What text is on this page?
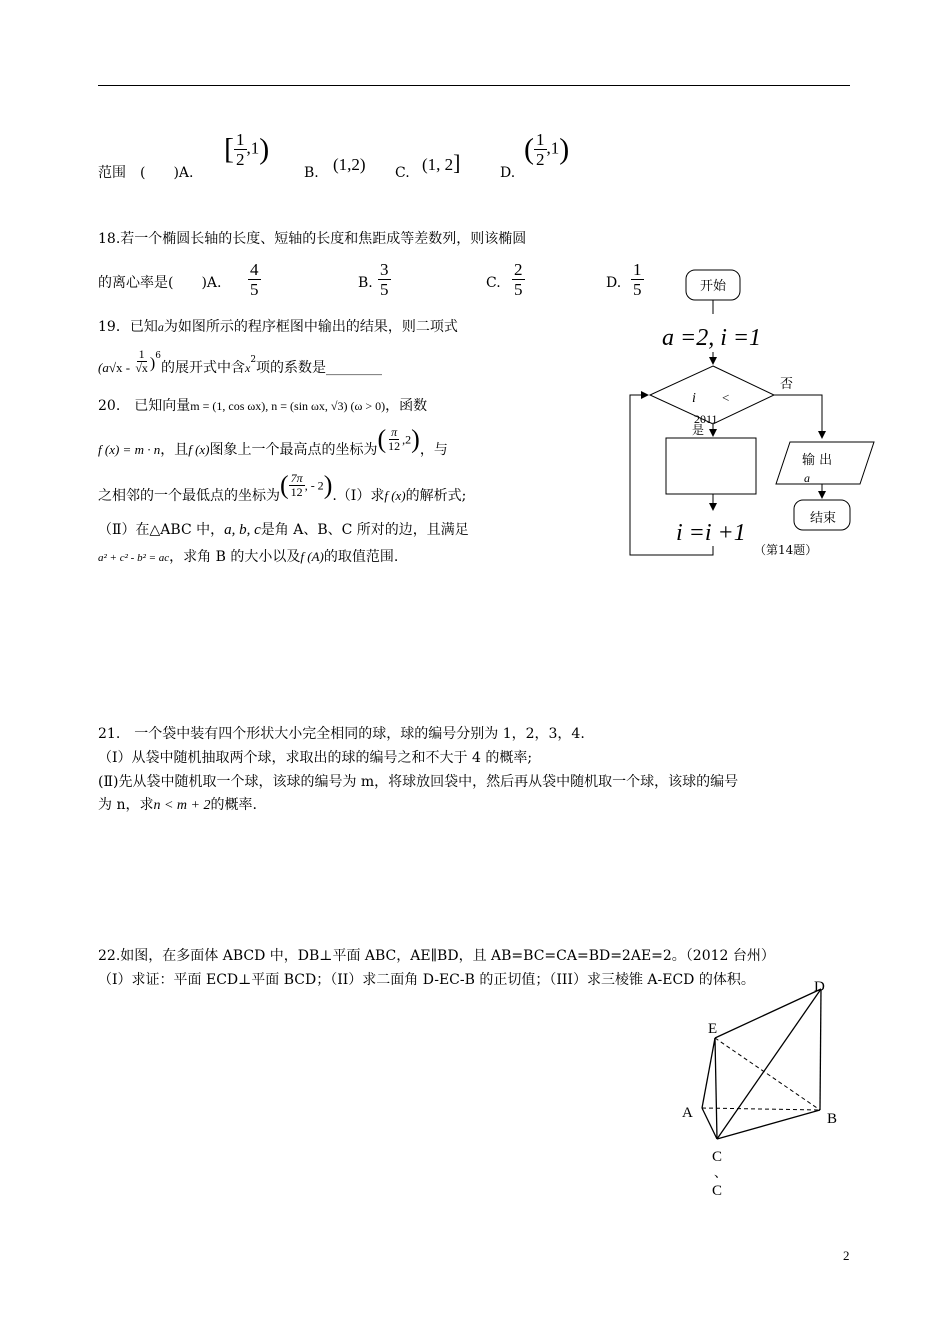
范围　(　　)A.
[ $\frac{1}{2} ,1$)
B. (1,2) C. (1, 2]	D.
( $\frac{1}{2} ,1$)
18.若一个椭圆长轴的长度、短轴的长度和焦距成等差数列，则该椭圆
的离心率是(　　)A. $\frac{4}{5}$	B. $\frac{3}{5}$	C. $\frac{2}{5}$	D. $\frac{1}{5}$
19．已知a为如图所示的程序框图中输出的结果，则二项式
$(a√x - \frac{1}{√x} )^6$的展开式中含$x^2$项的系数是________
20.　已知向量m = (1, cos ωx), n = (sin ωx, √3) (ω > 0)，函数
f (x) = m · n，且f (x)图象上一个最高点的坐标为( $\frac{\pi}{12} ,2$)，与
之相邻的一个最低点的坐标为( $\frac{7\pi}{12}$ , - 2).（Ⅰ）求f (x)的解析式;
（Ⅱ）在△ABC 中，a, b, c是角 A、B、C 所对的边，且满足
a² + c² - b² = ac，求角 B 的大小以及f (A)的取值范围.
开始
a =2, i =1
i <
2011
是
否
i =i +1
输 出
a
结束
（第14题）
21.　一个袋中装有四个形状大小完全相同的球，球的编号分别为 1，2，3，4.
（Ⅰ）从袋中随机抽取两个球，求取出的球的编号之和不大于 4 的概率;
(Ⅱ)先从袋中随机取一个球，该球的编号为 m，将球放回袋中，然后再从袋中随机取一个球，该球的编号
为 n，求n < m + 2的概率.
22.如图，在多面体 ABCD 中，DB⊥平面 ABC，AE∥BD，且 AB=BC=CA=BD=2AE=2。（2012 台州）
（I）求证：平面 ECD⊥平面 BCD；（II）求二面角 D-EC-B 的正切值；（III）求三棱锥 A-ECD 的体积。	D
E
A	B
C
、
C
2
